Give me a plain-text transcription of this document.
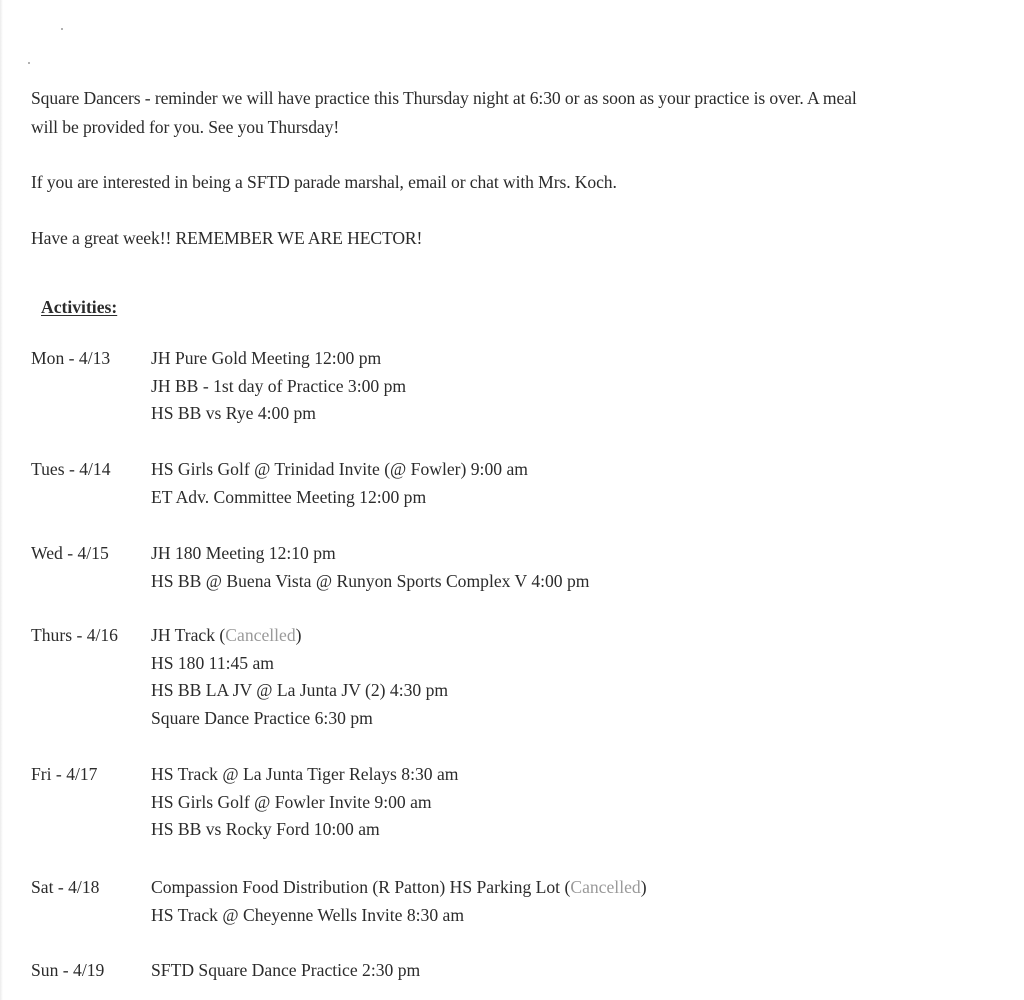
Square Dancers - reminder we will have practice this Thursday night at 6:30 or as soon as your practice is over. A meal

will be provided for you. See you Thursday!

If you are interested in being a SFTD parade marshal, email or chat with Mrs. Koch.

Have a great week!! REMEMBER WE ARE HECTOR!

Activities:
Mon - 4/13 JH Pure Gold Meeting 12:00 pm
JH BB - 1st day of Practice 3:00 pm
HS BB vs Rye 4:00 pm
Tues - 4/14 HS Girls Golf @ Trinidad Invite (@ Fowler) 9:00 am
ET Adv. Committee Meeting 12:00 pm
Wed - 4/15 JH 180 Meeting 12:10 pm
HS BB @ Buena Vista @ Runyon Sports Complex V 4:00 pm
Thurs - 4/16 JH Track (Cancelled)
HS 180 11:45 am
HS BB LA JV @ La Junta JV (2) 4:30 pm
Square Dance Practice 6:30 pm
Fri - 4/17	HS Track @ La Junta Tiger Relays 8:30 am
HS Girls Golf @ Fowler Invite 9:00 am
HS BB vs Rocky Ford 10:00 am
Sat - 4/18	Compassion Food Distribution (R Patton) HS Parking Lot (Cancelled)
HS Track @ Cheyenne Wells Invite 8:30 am
Sun - 4/19	SFTD Square Dance Practice 2:30 pm
